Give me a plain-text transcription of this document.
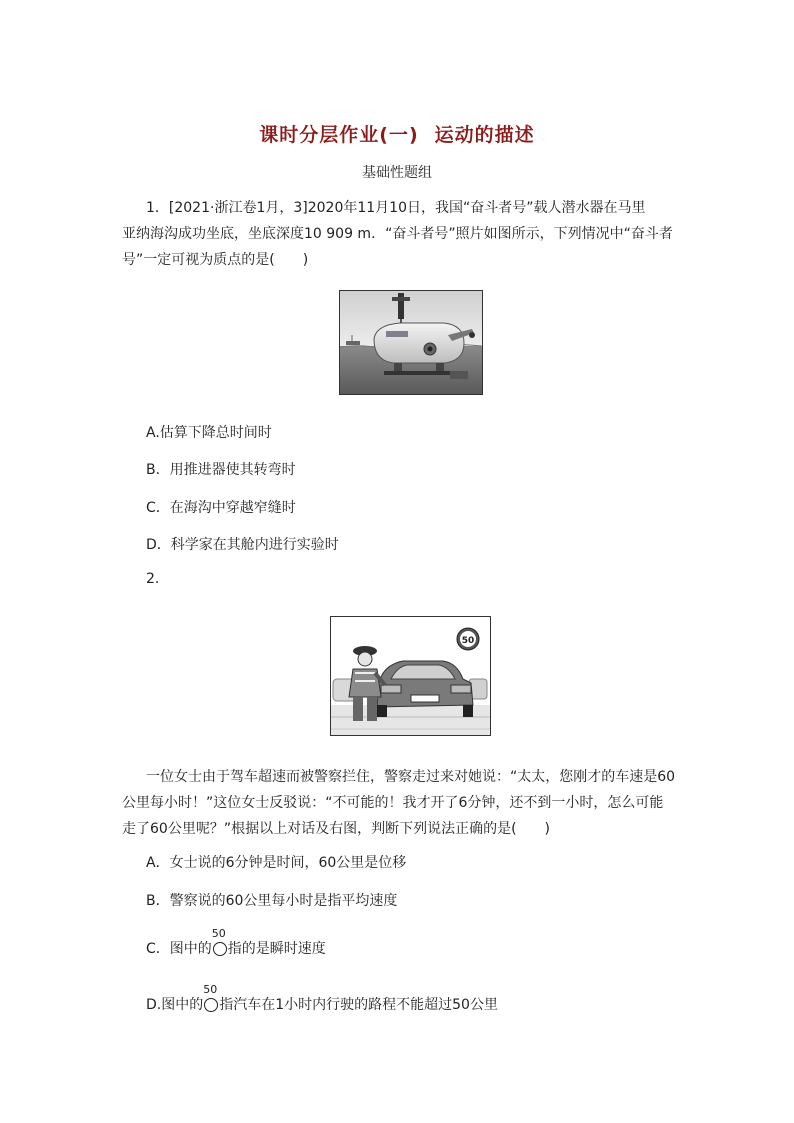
课时分层作业(一) 运动的描述
基础性题组
1．[2021·浙江卷1月，3]2020年11月10日，我国“奋斗者号”载人潜水器在马里
亚纳海沟成功坐底，坐底深度10 909 m．“奋斗者号”照片如图所示，下列情况中“奋斗者
号”一定可视为质点的是(　　)
A.估算下降总时间时
B．用推进器使其转弯时
C．在海沟中穿越窄缝时
D．科学家在其舱内进行实验时
2.
50
一位女士由于驾车超速而被警察拦住，警察走过来对她说：“太太，您刚才的车速是60
公里每小时！”这位女士反驳说：“不可能的！我才开了6分钟，还不到一小时，怎么可能
走了60公里呢？”根据以上对话及右图，判断下列说法正确的是(　　)
A．女士说的6分钟是时间，60公里是位移
B．警察说的60公里每小时是指平均速度
C．图中的
50
指的是瞬时速度
D.图中的
50
指汽车在1小时内行驶的路程不能超过50公里
